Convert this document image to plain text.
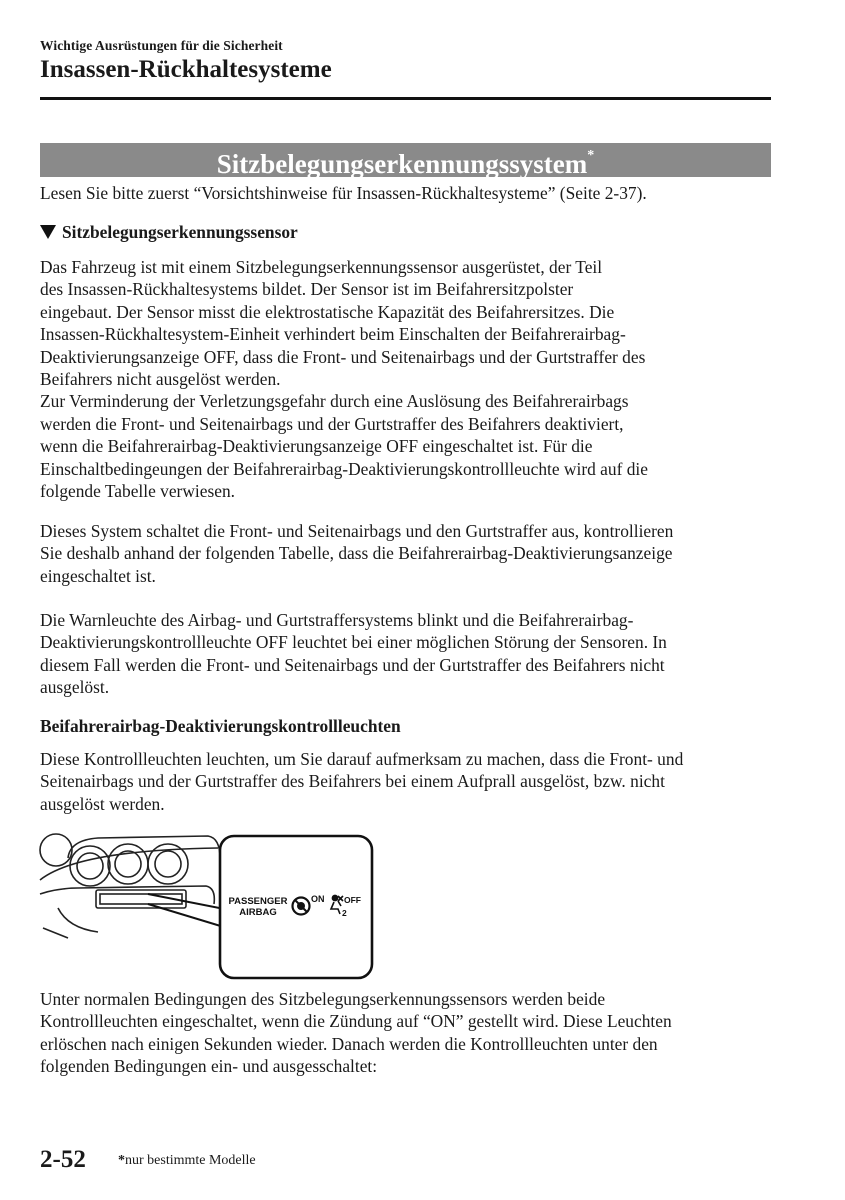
Wichtige Ausrüstungen für die Sicherheit
Insassen-Rückhaltesysteme
Sitzbelegungserkennungssystem*
Lesen Sie bitte zuerst “Vorsichtshinweise für Insassen-Rückhaltesysteme” (Seite 2-37).
Sitzbelegungserkennungssensor
Das Fahrzeug ist mit einem Sitzbelegungserkennungssensor ausgerüstet, der Teil
des Insassen-Rückhaltesystems bildet. Der Sensor ist im Beifahrersitzpolster
eingebaut. Der Sensor misst die elektrostatische Kapazität des Beifahrersitzes. Die
Insassen-Rückhaltesystem-Einheit verhindert beim Einschalten der Beifahrerairbag-
Deaktivierungsanzeige OFF, dass die Front- und Seitenairbags und der Gurtstraffer des
Beifahrers nicht ausgelöst werden.
Zur Verminderung der Verletzungsgefahr durch eine Auslösung des Beifahrerairbags
werden die Front- und Seitenairbags und der Gurtstraffer des Beifahrers deaktiviert,
wenn die Beifahrerairbag-Deaktivierungsanzeige OFF eingeschaltet ist. Für die
Einschaltbedingeungen der Beifahrerairbag-Deaktivierungskontrollleuchte wird auf die
folgende Tabelle verwiesen.
Dieses System schaltet die Front- und Seitenairbags und den Gurtstraffer aus, kontrollieren
Sie deshalb anhand der folgenden Tabelle, dass die Beifahrerairbag-Deaktivierungsanzeige
eingeschaltet ist.
Die Warnleuchte des Airbag- und Gurtstraffersystems blinkt und die Beifahrerairbag-
Deaktivierungskontrollleuchte OFF leuchtet bei einer möglichen Störung der Sensoren. In
diesem Fall werden die Front- und Seitenairbags und der Gurtstraffer des Beifahrers nicht
ausgelöst.
Beifahrerairbag-Deaktivierungskontrollleuchten
Diese Kontrollleuchten leuchten, um Sie darauf aufmerksam zu machen, dass die Front- und
Seitenairbags und der Gurtstraffer des Beifahrers bei einem Aufprall ausgelöst, bzw. nicht
ausgelöst werden.
PASSENGER
AIRBAG
ON OFF
2
Unter normalen Bedingungen des Sitzbelegungserkennungssensors werden beide
Kontrollleuchten eingeschaltet, wenn die Zündung auf “ON” gestellt wird. Diese Leuchten
erlöschen nach einigen Sekunden wieder. Danach werden die Kontrollleuchten unter den
folgenden Bedingungen ein- und ausgesschaltet:
2-52 *nur bestimmte Modelle
